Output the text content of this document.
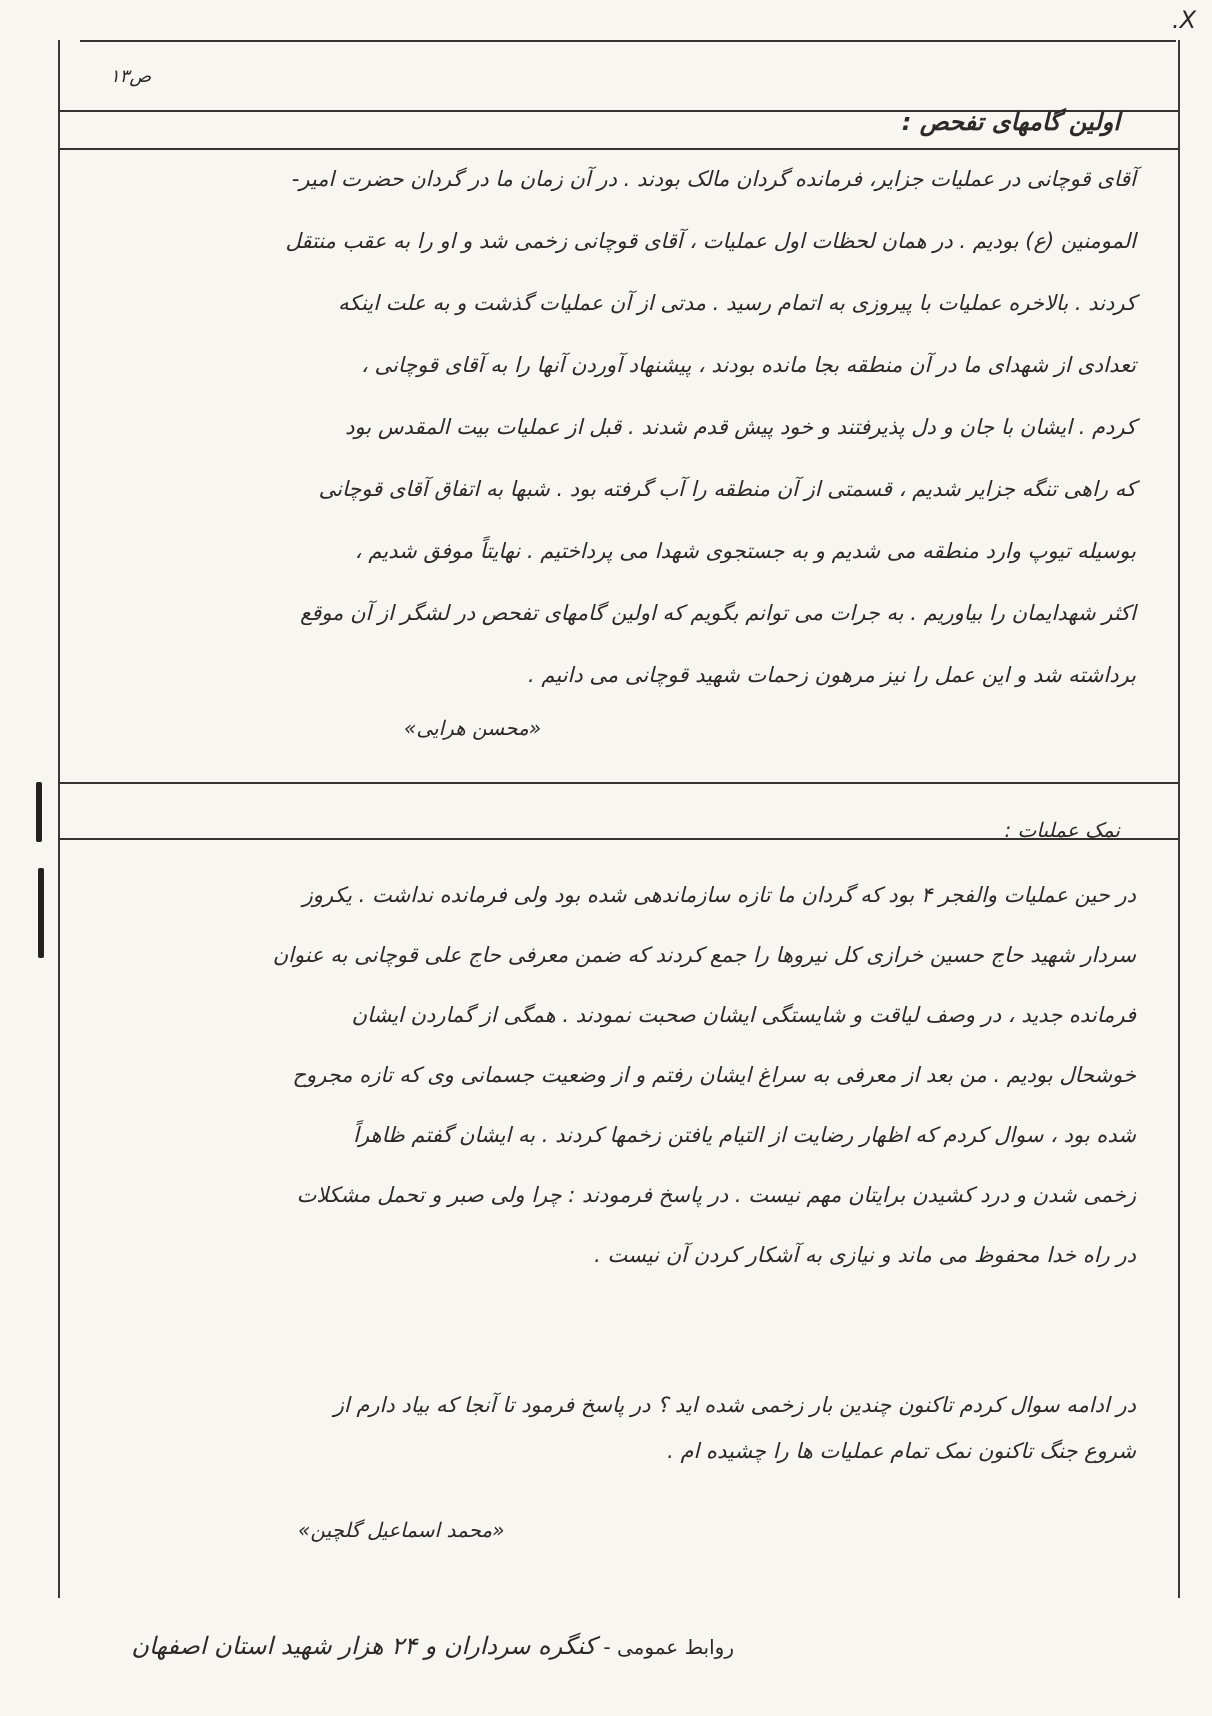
.X
ص۱۳
اولین گامهای تفحص :
آقای قوچانی در عملیات جزایر، فرمانده گردان مالک بودند . در آن زمان ما در گردان حضرت امیر-
المومنین (ع) بودیم . در همان لحظات اول عملیات ، آقای قوچانی زخمی شد و او را به عقب منتقل
کردند . بالاخره عملیات با پیروزی به اتمام رسید . مدتی از آن عملیات گذشت و به علت اینکه
تعدادی از شهدای ما در آن منطقه بجا مانده بودند ، پیشنهاد آوردن آنها را به آقای قوچانی ،
کردم . ایشان با جان و دل پذیرفتند و خود پیش قدم شدند . قبل از عملیات بیت المقدس بود
که راهی تنگه جزایر شدیم ، قسمتی از آن منطقه را آب گرفته بود . شبها به اتفاق آقای قوچانی
بوسیله تیوپ وارد منطقه می شدیم و به جستجوی شهدا می پرداختیم . نهایتاً موفق شدیم ،
اکثر شهدایمان را بیاوریم . به جرات می توانم بگویم که اولین گامهای تفحص در لشگر از آن موقع
برداشته شد و این عمل را نیز مرهون زحمات شهید قوچانی می دانیم .
«محسن هرایی»
نمک عملیات :
در حین عملیات والفجر ۴ بود که گردان ما تازه سازماندهی شده بود ولی فرمانده نداشت . یکروز
سردار شهید حاج حسین خرازی کل نیروها را جمع کردند که ضمن معرفی حاج علی قوچانی به عنوان
فرمانده جدید ، در وصف لیاقت و شایستگی ایشان صحبت نمودند . همگی از گماردن ایشان
خوشحال بودیم . من بعد از معرفی به سراغ ایشان رفتم و از وضعیت جسمانی وی که تازه مجروح
شده بود ، سوال کردم که اظهار رضایت از التیام یافتن زخمها کردند . به ایشان گفتم ظاهراً
زخمی شدن و درد کشیدن برایتان مهم نیست . در پاسخ فرمودند : چرا ولی صبر و تحمل مشکلات
در راه خدا محفوظ می ماند و نیازی به آشکار کردن آن نیست .
در ادامه سوال کردم تاکنون چندین بار زخمی شده اید ؟ در پاسخ فرمود تا آنجا که بیاد دارم از
شروع جنگ تاکنون نمک تمام عملیات ها را چشیده ام .
«محمد اسماعیل گلچین»
روابط عمومی - کنگره سرداران و ۲۴ هزار شهید استان اصفهان
